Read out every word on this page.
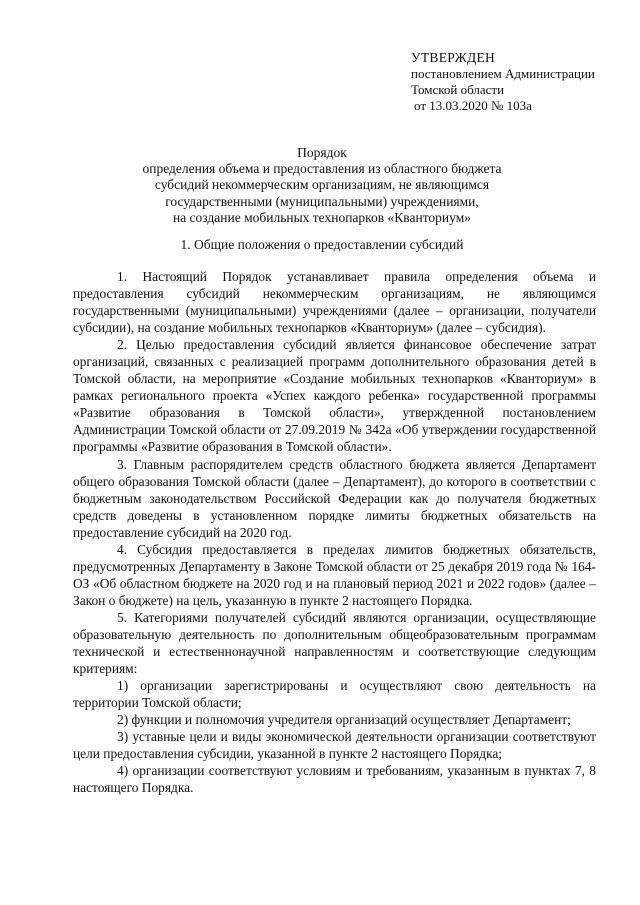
УТВЕРЖДЕН
постановлением Администрации
Томской области
от 13.03.2020 № 103а
Порядок
определения объема и предоставления из областного бюджета
субсидий некоммерческим организациям, не являющимся
государственными (муниципальными) учреждениями,
на создание мобильных технопарков «Кванториум»
1. Общие положения о предоставлении субсидий

1. Настоящий Порядок устанавливает правила определения объема и предоставления субсидий некоммерческим организациям, не являющимся государственными (муниципальными) учреждениями (далее – организации, получатели субсидии), на создание мобильных технопарков «Кванториум» (далее – субсидия).

2. Целью предоставления субсидий является финансовое обеспечение затрат организаций, связанных с реализацией программ дополнительного образования детей в Томской области, на мероприятие «Создание мобильных технопарков «Кванториум» в рамках регионального проекта «Успех каждого ребенка» государственной программы «Развитие образования в Томской области», утвержденной постановлением Администрации Томской области от 27.09.2019 № 342а «Об утверждении государственной программы «Развитие образования в Томской области».

3. Главным распорядителем средств областного бюджета является Департамент общего образования Томской области (далее – Департамент), до которого в соответствии с бюджетным законодательством Российской Федерации как до получателя бюджетных средств доведены в установленном порядке лимиты бюджетных обязательств на предоставление субсидий на 2020 год.

4. Субсидия предоставляется в пределах лимитов бюджетных обязательств, предусмотренных Департаменту в Законе Томской области от 25 декабря 2019 года № 164-ОЗ «Об областном бюджете на 2020 год и на плановый период 2021 и 2022 годов» (далее – Закон о бюджете) на цель, указанную в пункте 2 настоящего Порядка.

5. Категориями получателей субсидий являются организации, осуществляющие образовательную деятельность по дополнительным общеобразовательным программам технической и естественнонаучной направленностям и соответствующие следующим критериям:

1) организации зарегистрированы и осуществляют свою деятельность на территории Томской области;

2) функции и полномочия учредителя организаций осуществляет Департамент;

3) уставные цели и виды экономической деятельности организации соответствуют цели предоставления субсидии, указанной в пункте 2 настоящего Порядка;

4) организации соответствуют условиям и требованиям, указанным в пунктах 7, 8 настоящего Порядка.
